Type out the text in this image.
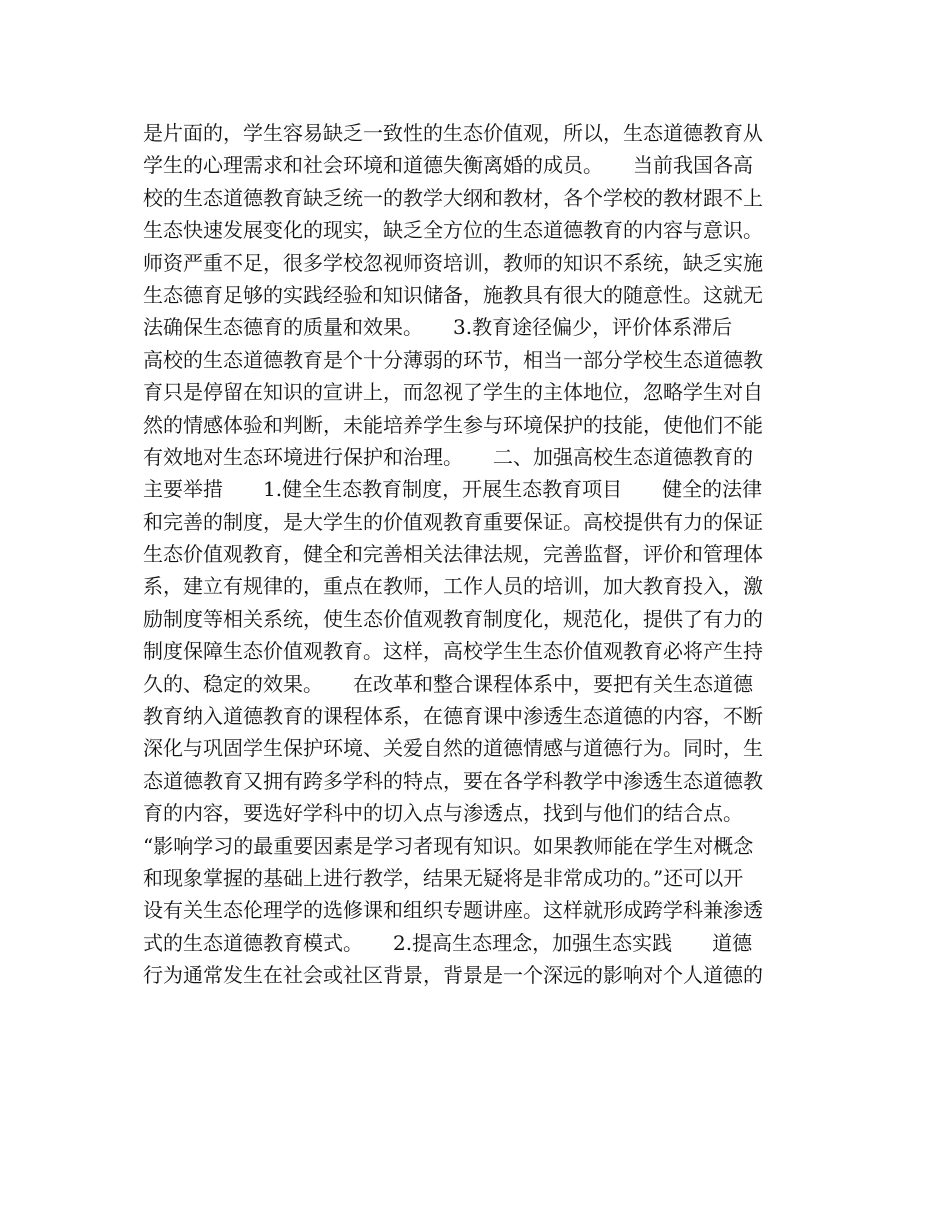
是片面的，学生容易缺乏一致性的生态价值观，所以，生态道德教育从
学生的心理需求和社会环境和道德失衡离婚的成员。　　当前我国各高
校的生态道德教育缺乏统一的教学大纲和教材，各个学校的教材跟不上
生态快速发展变化的现实，缺乏全方位的生态道德教育的内容与意识。
师资严重不足，很多学校忽视师资培训，教师的知识不系统，缺乏实施
生态德育足够的实践经验和知识储备，施教具有很大的随意性。这就无
法确保生态德育的质量和效果。　　3.教育途径偏少，评价体系滞后
高校的生态道德教育是个十分薄弱的环节，相当一部分学校生态道德教
育只是停留在知识的宣讲上，而忽视了学生的主体地位，忽略学生对自
然的情感体验和判断，未能培养学生参与环境保护的技能，使他们不能
有效地对生态环境进行保护和治理。　　二、加强高校生态道德教育的
主要举措　　1.健全生态教育制度，开展生态教育项目　　健全的法律
和完善的制度，是大学生的价值观教育重要保证。高校提供有力的保证
生态价值观教育，健全和完善相关法律法规，完善监督，评价和管理体
系，建立有规律的，重点在教师，工作人员的培训，加大教育投入，激
励制度等相关系统，使生态价值观教育制度化，规范化，提供了有力的
制度保障生态价值观教育。这样，高校学生生态价值观教育必将产生持
久的、稳定的效果。　　在改革和整合课程体系中，要把有关生态道德
教育纳入道德教育的课程体系，在德育课中渗透生态道德的内容，不断
深化与巩固学生保护环境、关爱自然的道德情感与道德行为。同时，生
态道德教育又拥有跨多学科的特点，要在各学科教学中渗透生态道德教
育的内容，要选好学科中的切入点与渗透点，找到与他们的结合点。
“影响学习的最重要因素是学习者现有知识。如果教师能在学生对概念
和现象掌握的基础上进行教学，结果无疑将是非常成功的。”还可以开
设有关生态伦理学的选修课和组织专题讲座。这样就形成跨学科兼渗透
式的生态道德教育模式。　　2.提高生态理念，加强生态实践　　道德
行为通常发生在社会或社区背景，背景是一个深远的影响对个人道德的
